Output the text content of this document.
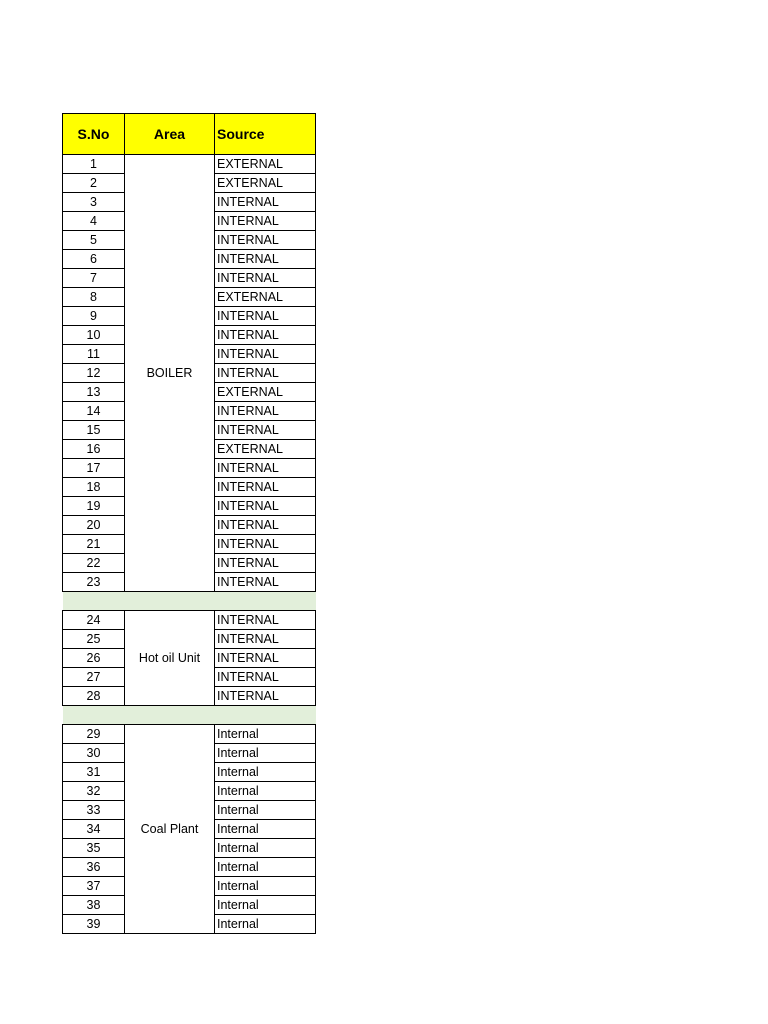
S.No	Area	Source
1	BOILER	EXTERNAL
2		EXTERNAL
3		INTERNAL
4		INTERNAL
5		INTERNAL
6		INTERNAL
7		INTERNAL
8		EXTERNAL
9		INTERNAL
10		INTERNAL
11		INTERNAL
12		INTERNAL
13		EXTERNAL
14		INTERNAL
15		INTERNAL
16		EXTERNAL
17		INTERNAL
18		INTERNAL
19		INTERNAL
20		INTERNAL
21		INTERNAL
22		INTERNAL
23		INTERNAL

24	Hot oil Unit	INTERNAL
25		INTERNAL
26		INTERNAL
27		INTERNAL
28		INTERNAL

29	Coal Plant	Internal
30		Internal
31		Internal
32		Internal
33		Internal
34		Internal
35		Internal
36		Internal
37		Internal
38		Internal
39		Internal
